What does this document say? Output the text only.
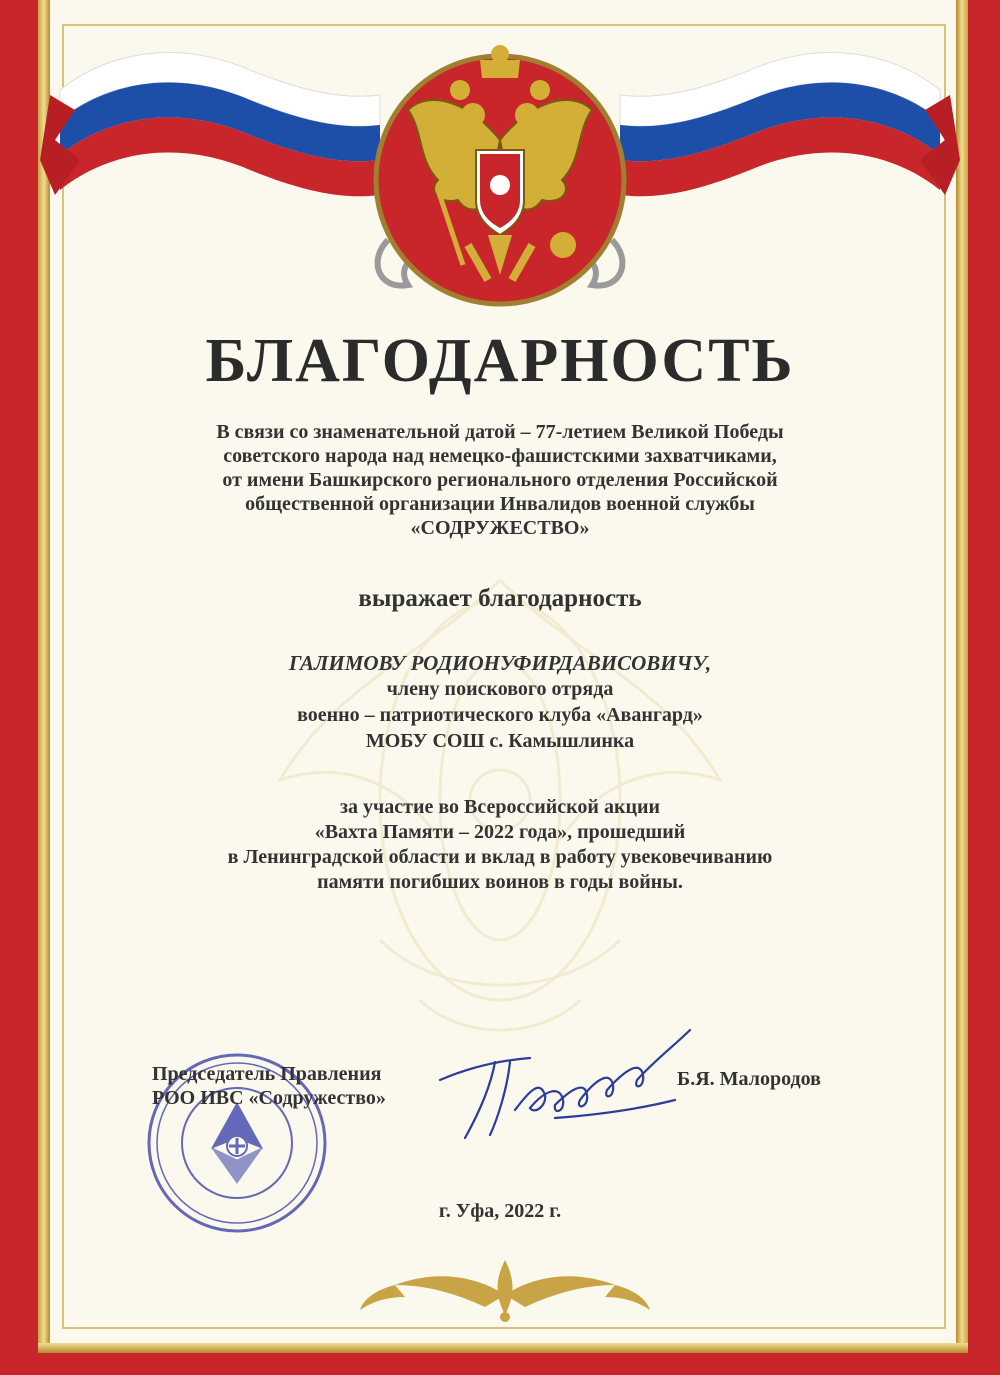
БЛАГОДАРНОСТЬ
В связи со знаменательной датой – 77-летием Великой Победы
советского народа над немецко-фашистскими захватчиками,
от имени Башкирского регионального отделения Российской
общественной организации Инвалидов военной службы
«СОДРУЖЕСТВО»
выражает благодарность
ГАЛИМОВУ РОДИОНУФИРДАВИСОВИЧУ,
члену поискового отряда
военно – патриотического клуба «Авангард»
МОБУ СОШ с. Камышлинка
за участие во Всероссийской акции
«Вахта Памяти – 2022 года», прошедший
в Ленинградской области и вклад в работу увековечиванию
памяти погибших воинов в годы войны.
Председатель Правления
РОО ИВС «Содружество»
Б.Я. Малородов
г. Уфа, 2022 г.
